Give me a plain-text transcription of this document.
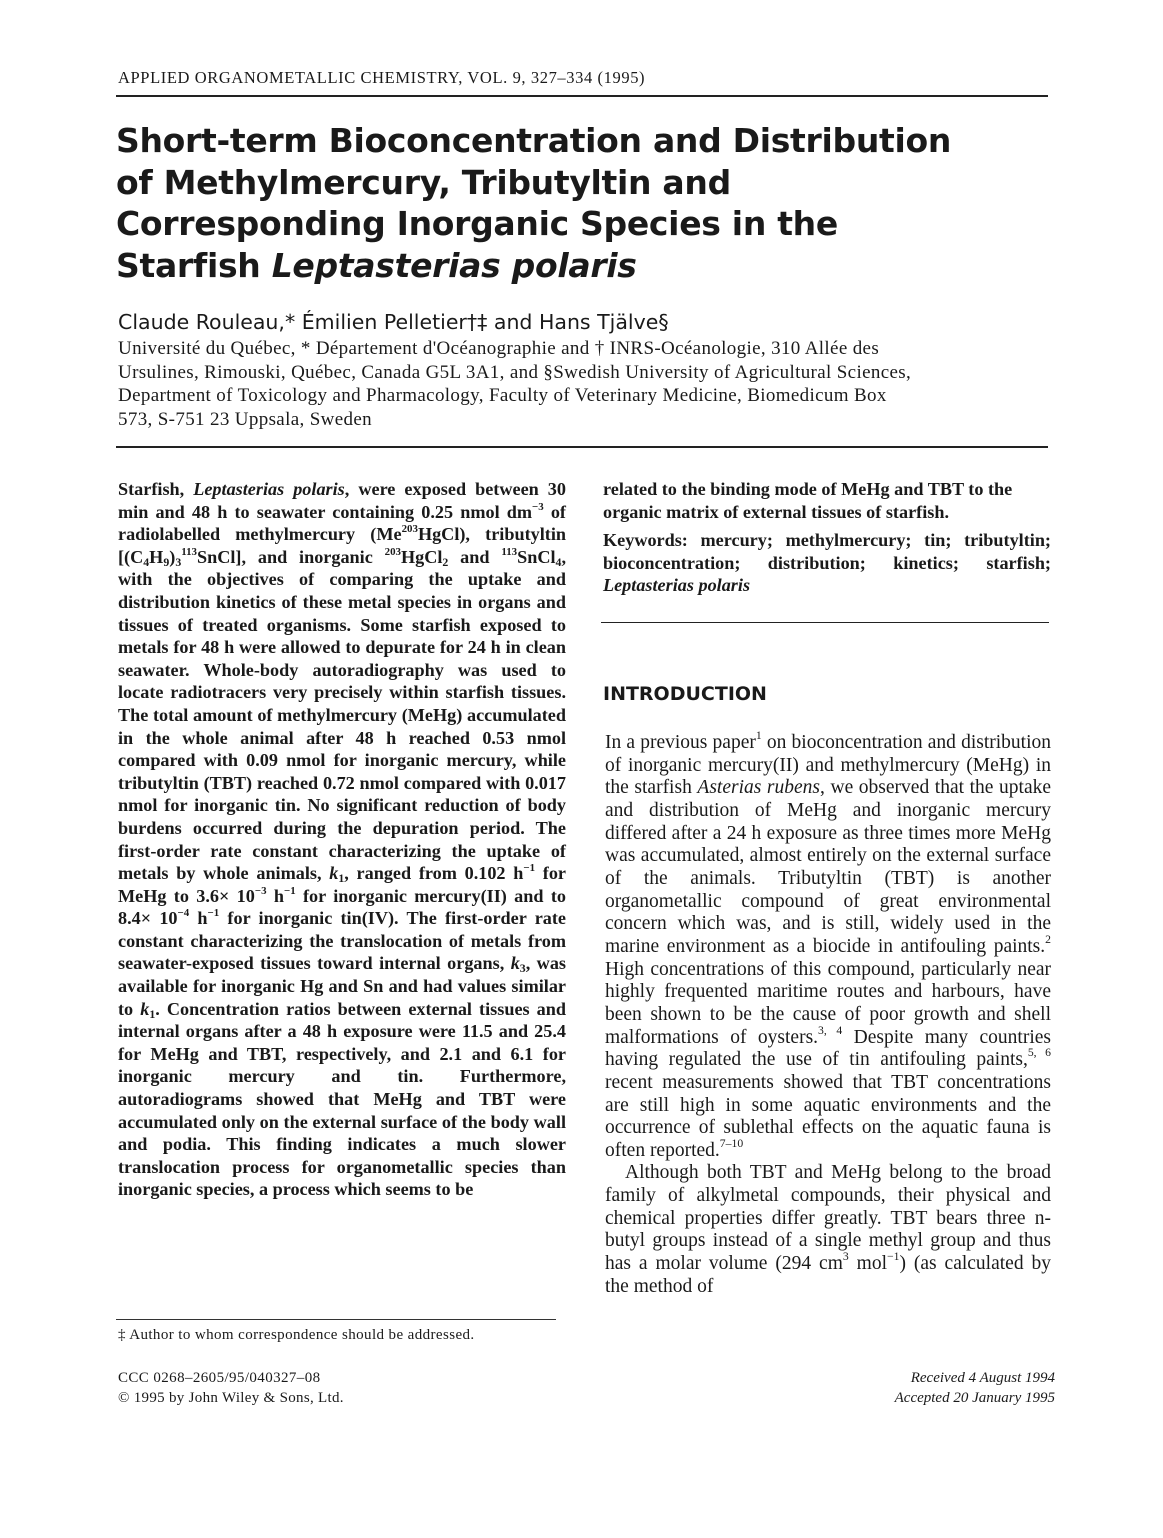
APPLIED ORGANOMETALLIC CHEMISTRY, VOL. 9, 327–334 (1995)
Short-term Bioconcentration and Distribution
of Methylmercury, Tributyltin and
Corresponding Inorganic Species in the
Starfish Leptasterias polaris
Claude Rouleau,* Émilien Pelletier†‡ and Hans Tjälve§
Université du Québec, * Département d'Océanographie and † INRS-Océanologie, 310 Allée des
Ursulines, Rimouski, Québec, Canada G5L 3A1, and §Swedish University of Agricultural Sciences,
Department of Toxicology and Pharmacology, Faculty of Veterinary Medicine, Biomedicum Box
573, S-751 23 Uppsala, Sweden
Starfish, Leptasterias polaris, were exposed between 30 min and 48 h to seawater containing 0.25 nmol $dm^{-3}$ of radiolabelled methylmercury (Me$^{203}$HgCl), tributyltin $[(C_4H_9)_3^{113}SnCl]$, and inorganic $^{203}$HgCl$_2$ and $^{113}$SnCl$_4$, with the objectives of comparing the uptake and distribution kinetics of these metal species in organs and tissues of treated organisms. Some starfish exposed to metals for 48 h were allowed to depurate for 24 h in clean seawater. Whole-body autoradiography was used to locate radiotracers very precisely within starfish tissues. The total amount of methylmercury (MeHg) accumulated in the whole animal after 48 h reached 0.53 nmol compared with 0.09 nmol for inorganic mercury, while tributyltin (TBT) reached 0.72 nmol compared with 0.017 nmol for inorganic tin. No significant reduction of body burdens occurred during the depuration period. The first-order rate constant characterizing the uptake of metals by whole animals, $k_1$, ranged from 0.102 $h^{-1}$ for MeHg to $3.6\times 10^{-3}$ $h^{-1}$ for inorganic mercury(II) and to $8.4\times 10^{-4}$ $h^{-1}$ for inorganic tin(IV). The first-order rate constant characterizing the translocation of metals from seawater-exposed tissues toward internal organs, $k_3$, was available for inorganic Hg and Sn and had values similar to $k_1$. Concentration ratios between external tissues and internal organs after a 48 h exposure were 11.5 and 25.4 for MeHg and TBT, respectively, and 2.1 and 6.1 for inorganic mercury and tin. Furthermore, autoradiograms showed that MeHg and TBT were accumulated only on the external surface of the body wall and podia. This finding indicates a much slower translocation process for organometallic species than inorganic species, a process which seems to be
related to the binding mode of MeHg and TBT to the organic matrix of external tissues of starfish.
Keywords: mercury; methylmercury; tin; tributyltin; bioconcentration; distribution; kinetics; starfish; Leptasterias polaris
INTRODUCTION

In a previous paper$^1$ on bioconcentration and distribution of inorganic mercury(II) and methylmercury (MeHg) in the starfish Asterias rubens, we observed that the uptake and distribution of MeHg and inorganic mercury differed after a 24 h exposure as three times more MeHg was accumulated, almost entirely on the external surface of the animals. Tributyltin (TBT) is another organometallic compound of great environmental concern which was, and is still, widely used in the marine environment as a biocide in antifouling paints.$^2$ High concentrations of this compound, particularly near highly frequented maritime routes and harbours, have been shown to be the cause of poor growth and shell malformations of oysters.$^{3, 4}$ Despite many countries having regulated the use of tin antifouling paints,$^{5, 6}$ recent measurements showed that TBT concentrations are still high in some aquatic environments and the occurrence of sublethal effects on the aquatic fauna is often reported.$^{7-10}$

Although both TBT and MeHg belong to the broad family of alkylmetal compounds, their physical and chemical properties differ greatly. TBT bears three n-butyl groups instead of a single methyl group and thus has a molar volume (294 $cm^3$ mol$^{-1}$) (as calculated by the method of

‡ Author to whom correspondence should be addressed.
CCC 0268–2605/95/040327–08
© 1995 by John Wiley & Sons, Ltd.
Received 4 August 1994
Accepted 20 January 1995
